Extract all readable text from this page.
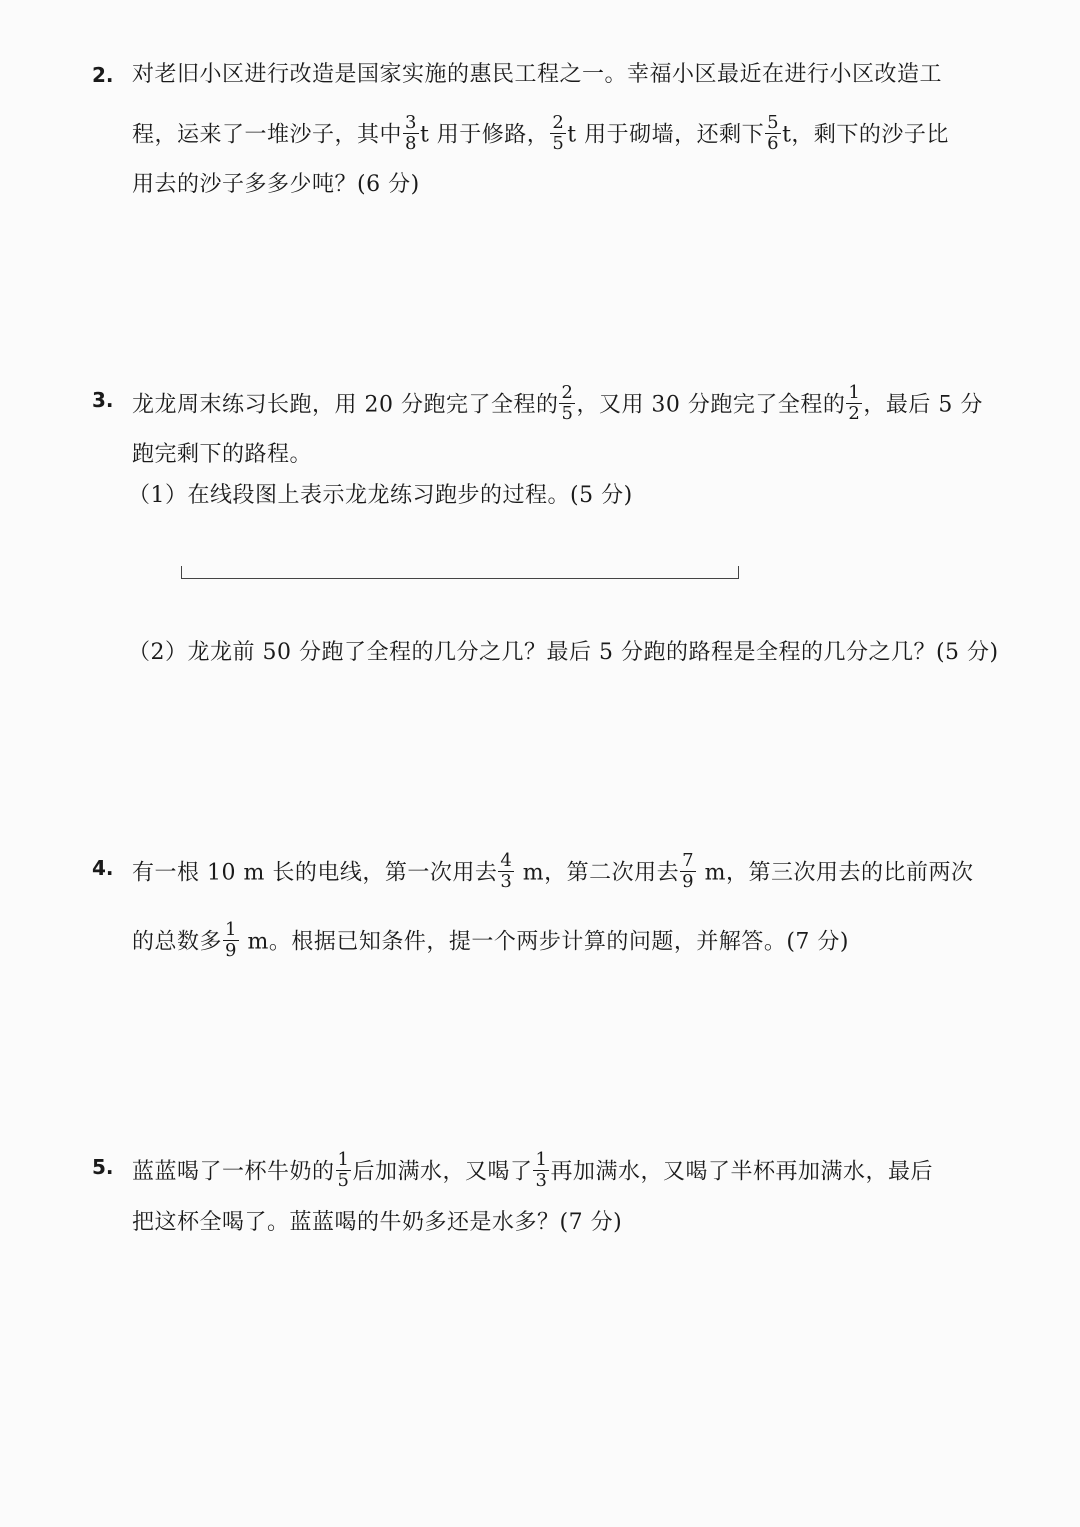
2. 对老旧小区进行改造是国家实施的惠民工程之一。幸福小区最近在进行小区改造工
程，运来了一堆沙子，其中 $\frac{3}{8}$ t 用于修路， $\frac{2}{5}$ t 用于砌墙，还剩下 $\frac{5}{6}$ t，剩下的沙子比
用去的沙子多多少吨？(6 分)
3. 龙龙周末练习长跑，用 20 分跑完了全程的 $\frac{2}{5}$ ，又用 30 分跑完了全程的 $\frac{1}{2}$ ，最后 5 分
跑完剩下的路程。
（1）在线段图上表示龙龙练习跑步的过程。(5 分)
（2）龙龙前 50 分跑了全程的几分之几？最后 5 分跑的路程是全程的几分之几？(5 分)
4. 有一根 10 m 长的电线，第一次用去 $\frac{4}{3}$ m，第二次用去 $\frac{7}{9}$ m，第三次用去的比前两次
的总数多 $\frac{1}{9}$ m。根据已知条件，提一个两步计算的问题，并解答。(7 分)
5. 蓝蓝喝了一杯牛奶的 $\frac{1}{5}$ 后加满水，又喝了 $\frac{1}{3}$ 再加满水，又喝了半杯再加满水，最后
把这杯全喝了。蓝蓝喝的牛奶多还是水多？(7 分)
